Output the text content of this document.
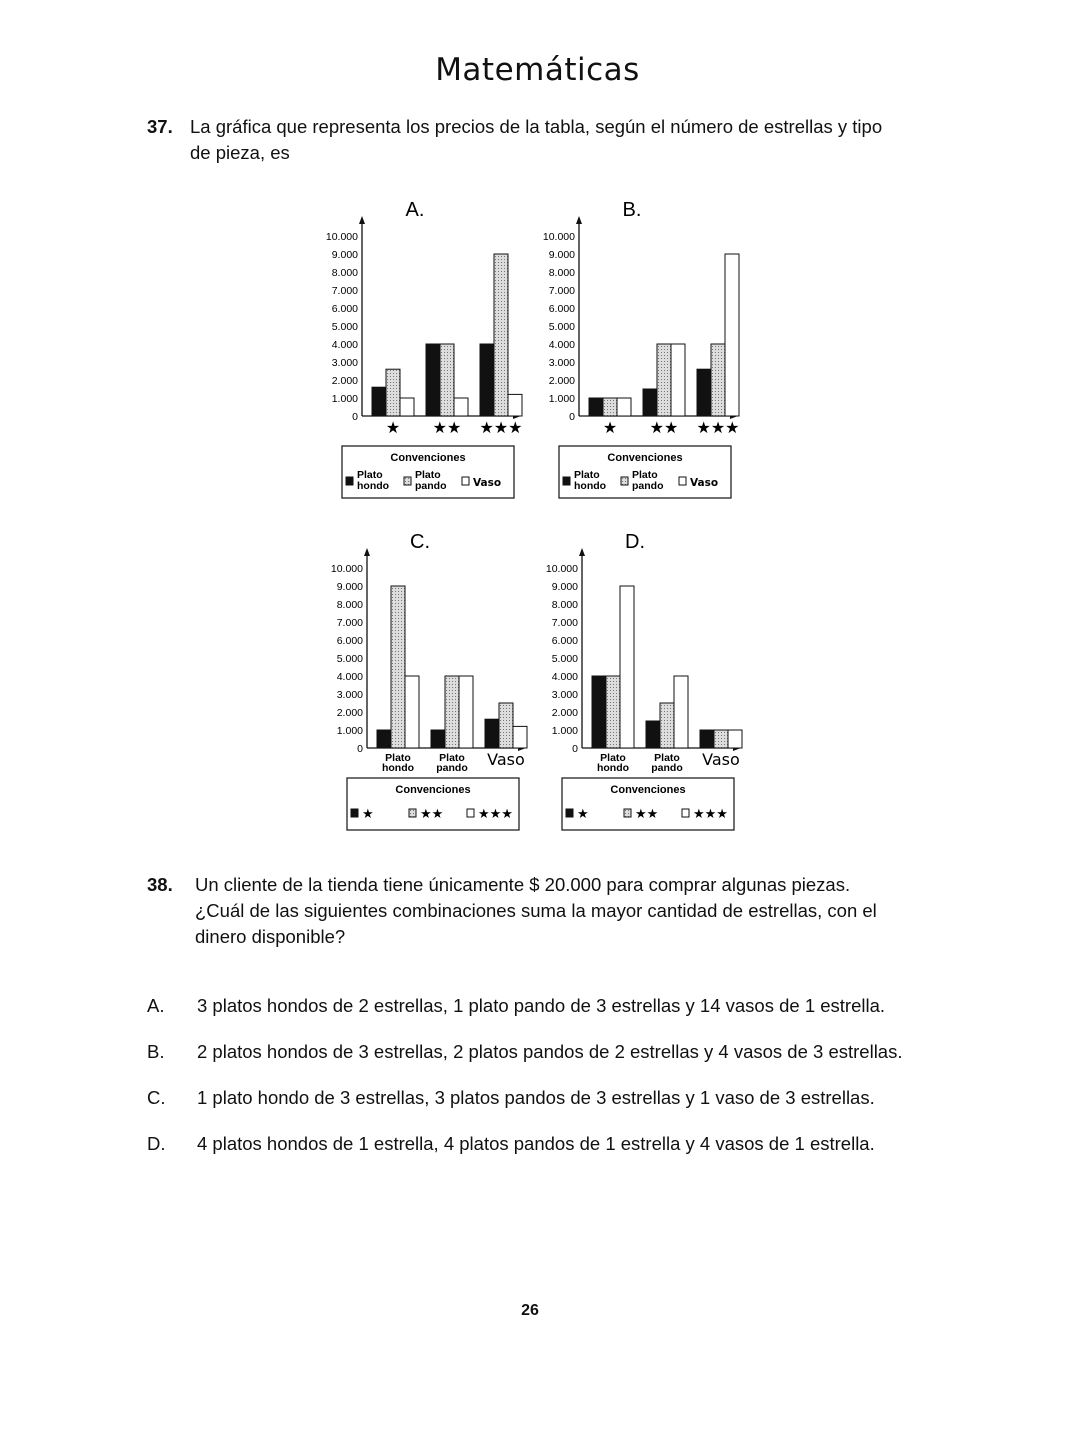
Matemáticas
37. La gráfica que representa los precios de la tabla, según el número de estrellas y tipo
de pieza, es
A.
0
1.000
2.000
3.000
4.000
5.000
6.000
7.000
8.000
9.000
10.000
★ ★★ ★★★
Convenciones
Plato
hondo
Plato
pando	Vaso
B.
0
1.000
2.000
3.000
4.000
5.000
6.000
7.000
8.000
9.000
10.000
★ ★★ ★★★
Convenciones
Plato
hondo
Plato
pando	Vaso
C.
0
1.000
2.000
3.000
4.000
5.000
6.000
7.000
8.000
9.000
10.000
Plato
hondo
Plato
pando Vaso
Convenciones
★	★★	★★★
D.
0
1.000
2.000
3.000
4.000
5.000
6.000
7.000
8.000
9.000
10.000
Plato
hondo
Plato
pando Vaso
Convenciones
★	★★	★★★
38. Un cliente de la tienda tiene únicamente $ 20.000 para comprar algunas piezas.
¿Cuál de las siguientes combinaciones suma la mayor cantidad de estrellas, con el
dinero disponible?
A. 3 platos hondos de 2 estrellas, 1 plato pando de 3 estrellas y 14 vasos de 1 estrella.
B. 2 platos hondos de 3 estrellas, 2 platos pandos de 2 estrellas y 4 vasos de 3 estrellas.
C. 1 plato hondo de 3 estrellas, 3 platos pandos de 3 estrellas y 1 vaso de 3 estrellas.
D. 4 platos hondos de 1 estrella, 4 platos pandos de 1 estrella y 4 vasos de 1 estrella.
26
